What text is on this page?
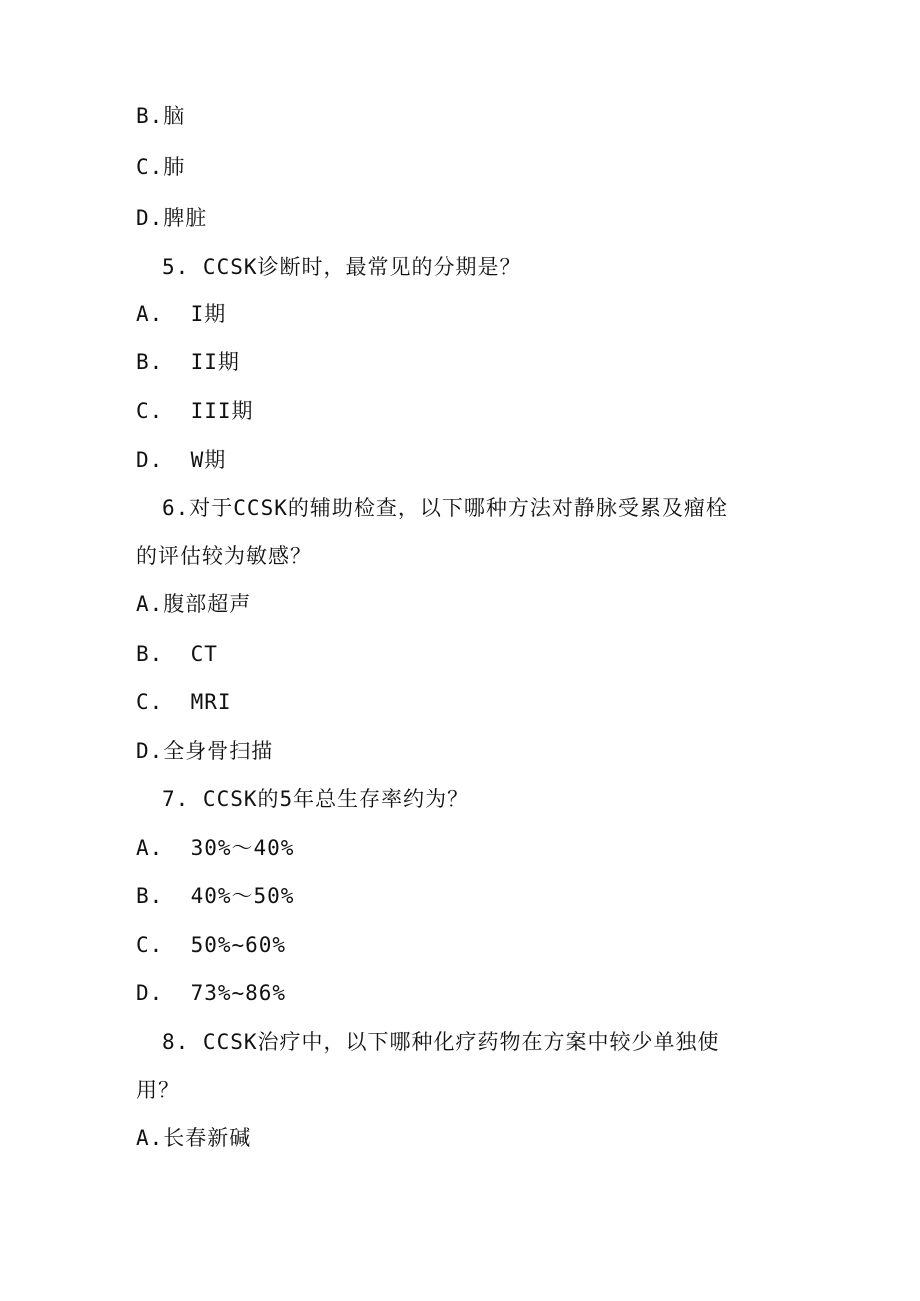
B.脑
C.肺
D.脾脏
5. CCSK诊断时，最常见的分期是？
A.  I期
B.  II期
C.  III期
D.  W期
6.对于CCSK的辅助检查，以下哪种方法对静脉受累及瘤栓
的评估较为敏感？
A.腹部超声
B.  CT
C.  MRI
D.全身骨扫描
7. CCSK的5年总生存率约为？
A.  30%～40%
B.  40%～50%
C.  50%~60%
D.  73%~86%
8. CCSK治疗中，以下哪种化疗药物在方案中较少单独使
用？
A.长春新碱
